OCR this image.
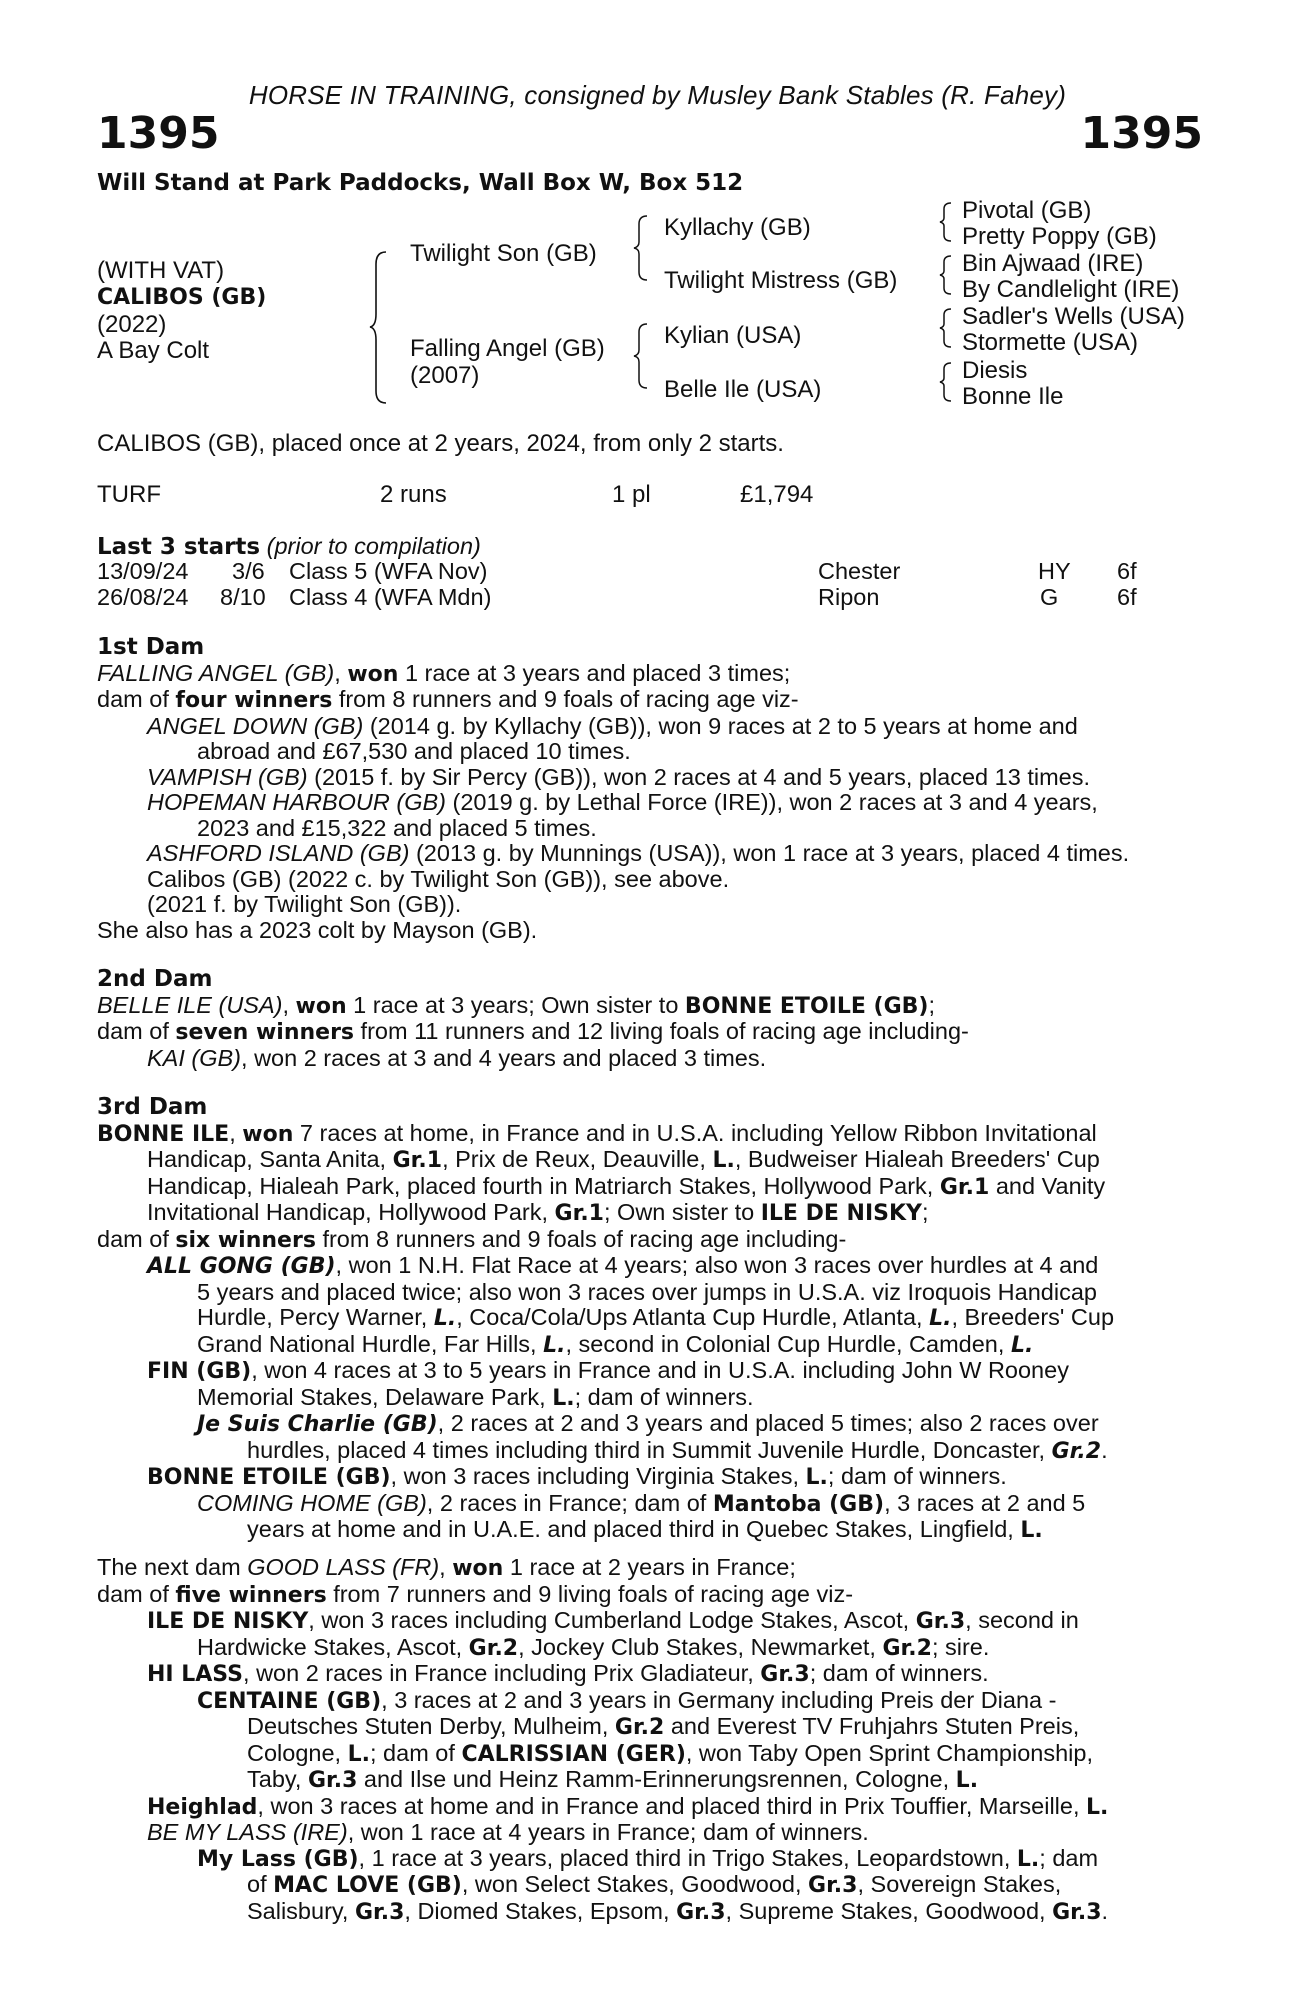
HORSE IN TRAINING, consigned by Musley Bank Stables (R. Fahey)
1395	1395
Will Stand at Park Paddocks, Wall Box W, Box 512
(WITH VAT)
CALIBOS (GB)
(2022)
A Bay Colt
Twilight Son (GB)
Falling Angel (GB)
(2007)
Kyllachy (GB)
Twilight Mistress (GB)
Kylian (USA)
Belle Ile (USA)
Pivotal (GB)
Pretty Poppy (GB)
Bin Ajwaad (IRE)
By Candlelight (IRE)
Sadler's Wells (USA)
Stormette (USA)
Diesis
Bonne Ile
CALIBOS (GB), placed once at 2 years, 2024, from only 2 starts.
TURF	2 runs	1 pl	£1,794
Last 3 starts (prior to compilation)
13/09/24 3/6 Class 5 (WFA Nov)	Chester	HY 6f
26/08/24 8/10 Class 4 (WFA Mdn)	Ripon	G 6f
1st Dam
FALLING ANGEL (GB), won 1 race at 3 years and placed 3 times;
dam of four winners from 8 runners and 9 foals of racing age viz-
ANGEL DOWN (GB) (2014 g. by Kyllachy (GB)), won 9 races at 2 to 5 years at home and
abroad and £67,530 and placed 10 times.
VAMPISH (GB) (2015 f. by Sir Percy (GB)), won 2 races at 4 and 5 years, placed 13 times.
HOPEMAN HARBOUR (GB) (2019 g. by Lethal Force (IRE)), won 2 races at 3 and 4 years,
2023 and £15,322 and placed 5 times.
ASHFORD ISLAND (GB) (2013 g. by Munnings (USA)), won 1 race at 3 years, placed 4 times.
Calibos (GB) (2022 c. by Twilight Son (GB)), see above.
(2021 f. by Twilight Son (GB)).
She also has a 2023 colt by Mayson (GB).
2nd Dam
BELLE ILE (USA), won 1 race at 3 years; Own sister to BONNE ETOILE (GB);
dam of seven winners from 11 runners and 12 living foals of racing age including-
KAI (GB), won 2 races at 3 and 4 years and placed 3 times.
3rd Dam
BONNE ILE, won 7 races at home, in France and in U.S.A. including Yellow Ribbon Invitational
Handicap, Santa Anita, Gr.1, Prix de Reux, Deauville, L., Budweiser Hialeah Breeders' Cup
Handicap, Hialeah Park, placed fourth in Matriarch Stakes, Hollywood Park, Gr.1 and Vanity
Invitational Handicap, Hollywood Park, Gr.1; Own sister to ILE DE NISKY;
dam of six winners from 8 runners and 9 foals of racing age including-
ALL GONG (GB), won 1 N.H. Flat Race at 4 years; also won 3 races over hurdles at 4 and
5 years and placed twice; also won 3 races over jumps in U.S.A. viz Iroquois Handicap
Hurdle, Percy Warner, L., Coca/Cola/Ups Atlanta Cup Hurdle, Atlanta, L., Breeders' Cup
Grand National Hurdle, Far Hills, L., second in Colonial Cup Hurdle, Camden, L.
FIN (GB), won 4 races at 3 to 5 years in France and in U.S.A. including John W Rooney
Memorial Stakes, Delaware Park, L.; dam of winners.
Je Suis Charlie (GB), 2 races at 2 and 3 years and placed 5 times; also 2 races over
hurdles, placed 4 times including third in Summit Juvenile Hurdle, Doncaster, Gr.2.
BONNE ETOILE (GB), won 3 races including Virginia Stakes, L.; dam of winners.
COMING HOME (GB), 2 races in France; dam of Mantoba (GB), 3 races at 2 and 5
years at home and in U.A.E. and placed third in Quebec Stakes, Lingfield, L.
The next dam GOOD LASS (FR), won 1 race at 2 years in France;
dam of five winners from 7 runners and 9 living foals of racing age viz-
ILE DE NISKY, won 3 races including Cumberland Lodge Stakes, Ascot, Gr.3, second in
Hardwicke Stakes, Ascot, Gr.2, Jockey Club Stakes, Newmarket, Gr.2; sire.
HI LASS, won 2 races in France including Prix Gladiateur, Gr.3; dam of winners.
CENTAINE (GB), 3 races at 2 and 3 years in Germany including Preis der Diana -
Deutsches Stuten Derby, Mulheim, Gr.2 and Everest TV Fruhjahrs Stuten Preis,
Cologne, L.; dam of CALRISSIAN (GER), won Taby Open Sprint Championship,
Taby, Gr.3 and Ilse und Heinz Ramm-Erinnerungsrennen, Cologne, L.
Heighlad, won 3 races at home and in France and placed third in Prix Touffier, Marseille, L.
BE MY LASS (IRE), won 1 race at 4 years in France; dam of winners.
My Lass (GB), 1 race at 3 years, placed third in Trigo Stakes, Leopardstown, L.; dam
of MAC LOVE (GB), won Select Stakes, Goodwood, Gr.3, Sovereign Stakes,
Salisbury, Gr.3, Diomed Stakes, Epsom, Gr.3, Supreme Stakes, Goodwood, Gr.3.
